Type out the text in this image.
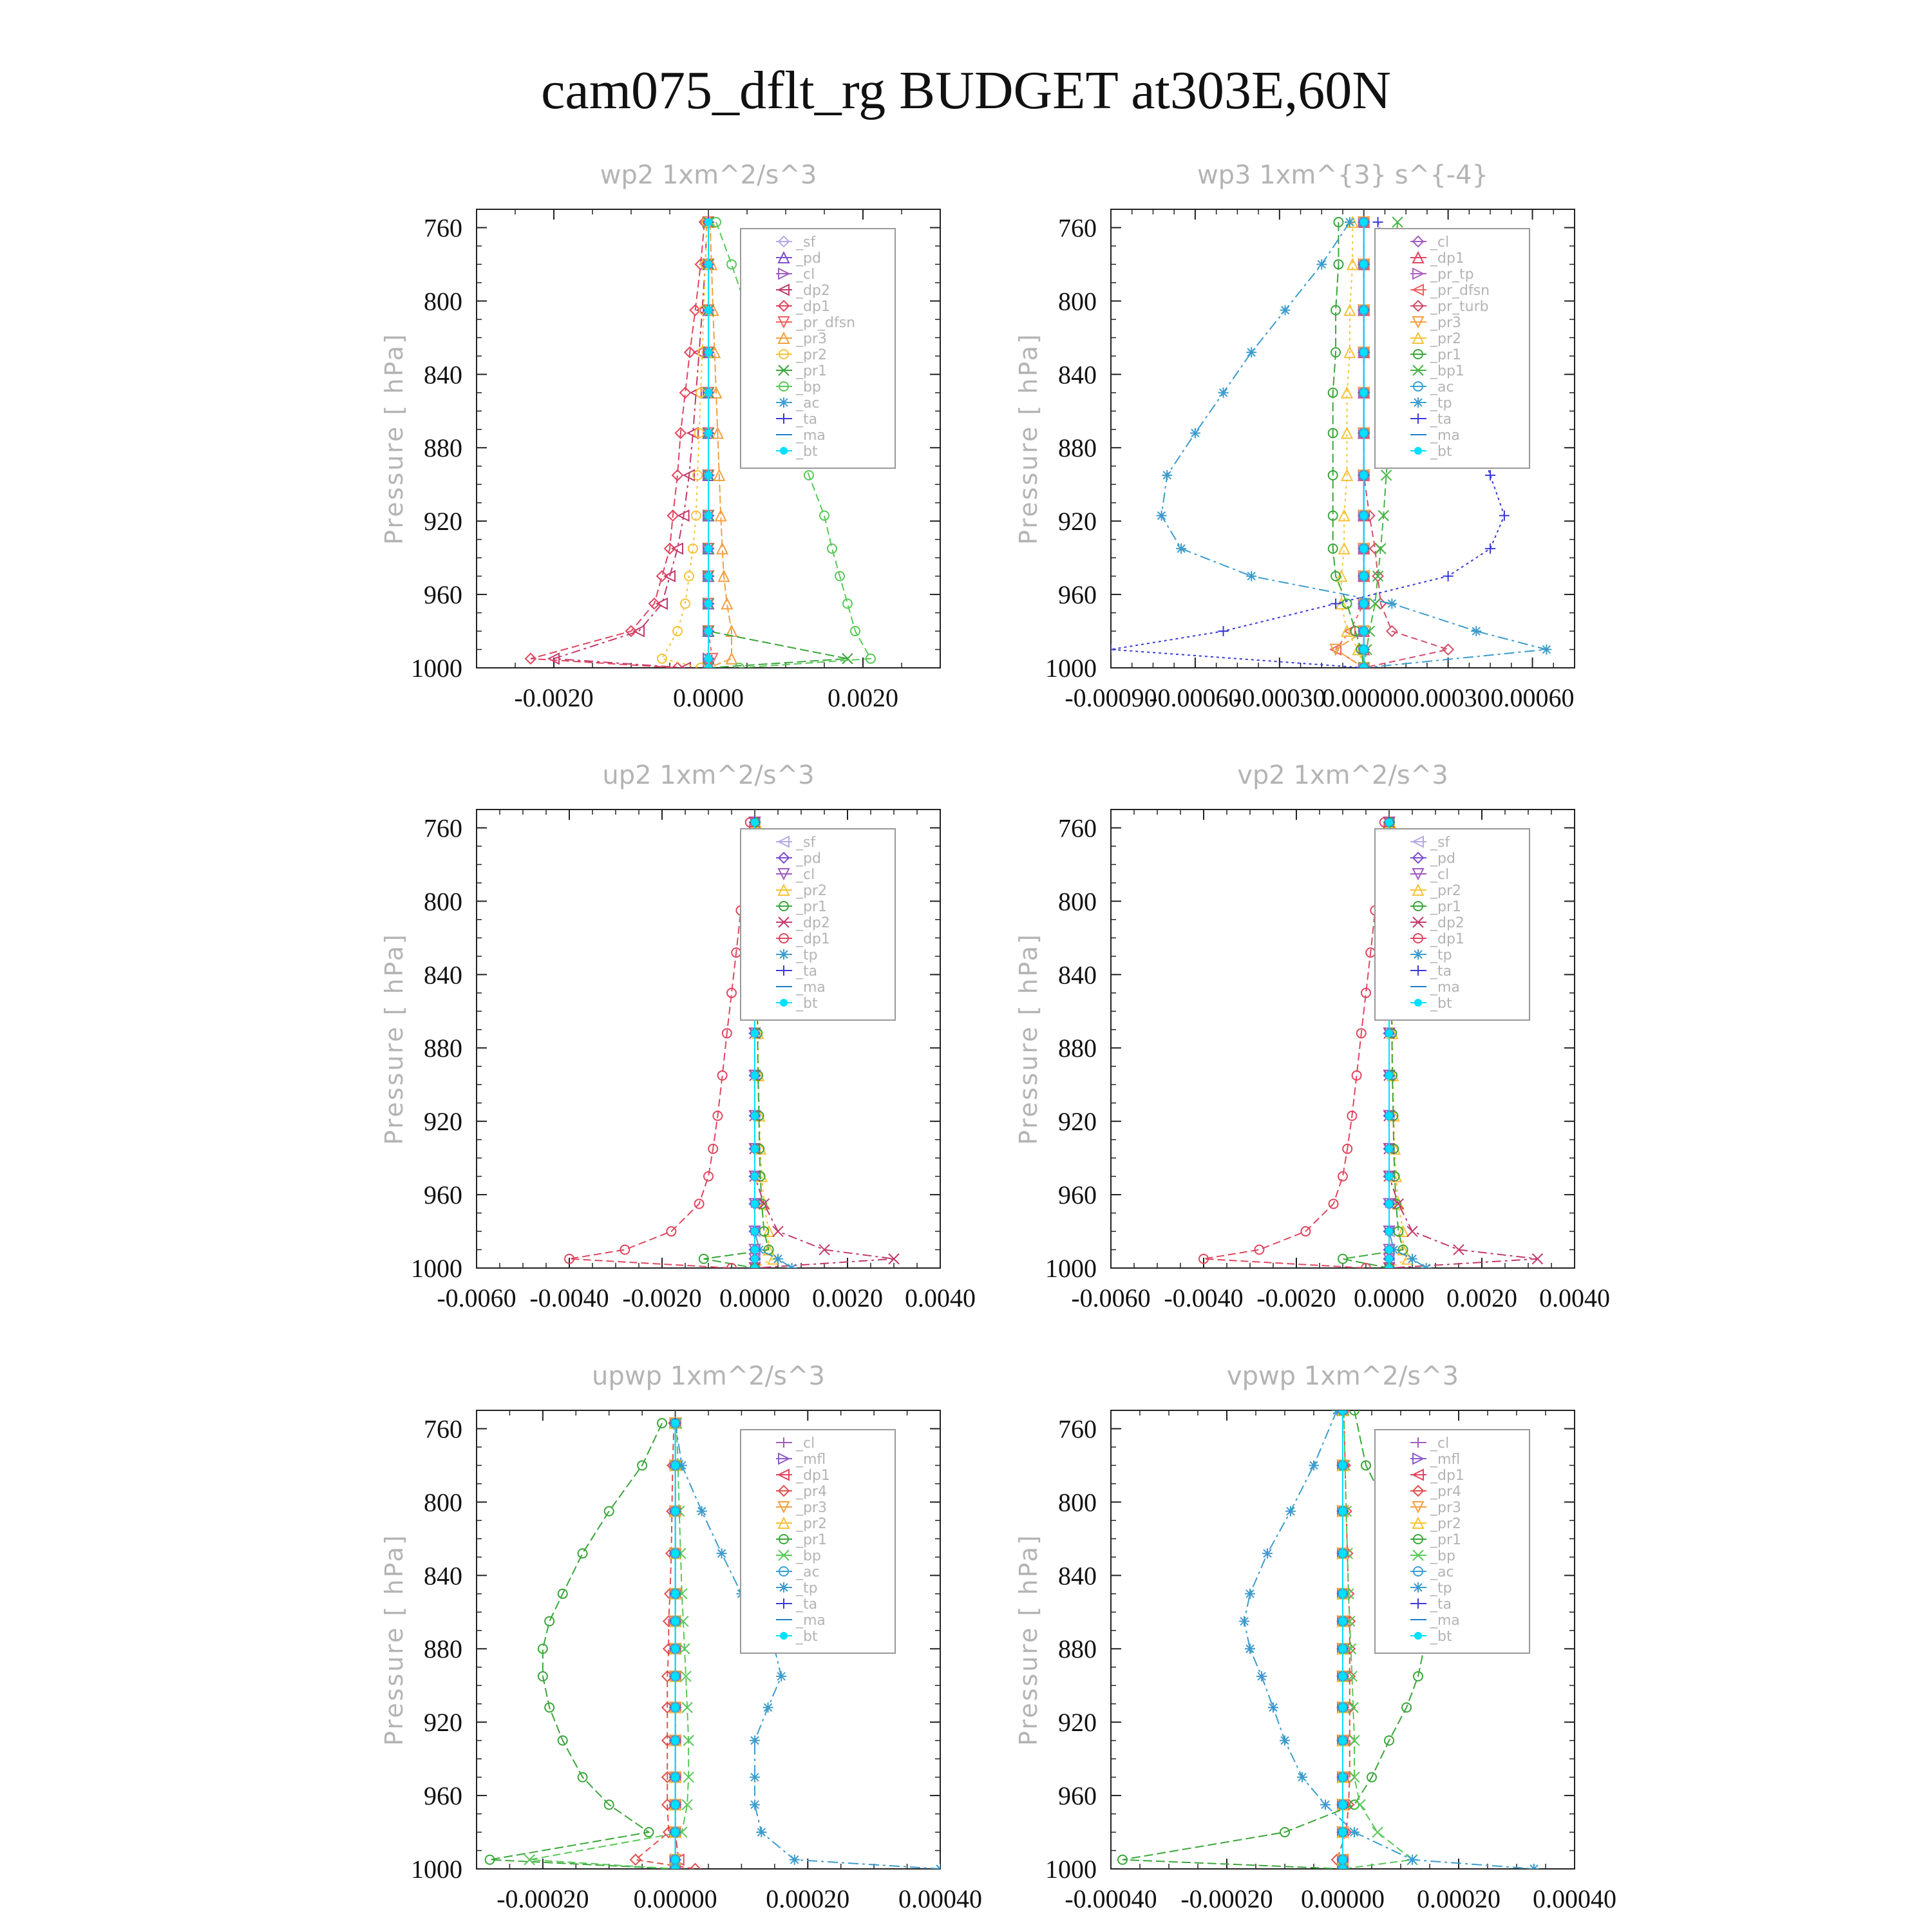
cam075_dflt_rg BUDGET at303E,60N
wp2 1xm^2/s^3
Pressure [ hPa]
760
800
840
880
920
960
1000
-0.0020	0.0000	0.0020
_sf
_pd
_cl
_dp2
_dp1
_pr_dfsn
_pr3
_pr2
_pr1
_bp
_ac
_ta
_ma
_bt
wp3 1xm^{3} s^{-4}
Pressure [ hPa]
760
800
840
880
920
960
1000
-0.00090
-0.00060
-0.00030
0.00000 0.00030 0.00060
_cl
_dp1
_pr_tp
_pr_dfsn
_pr_turb
_pr3
_pr2
_pr1
_bp1
_ac
_tp
_ta
_ma
_bt
up2 1xm^2/s^3
Pressure [ hPa]
760
800
840
880
920
960
1000
-0.0060 -0.0040 -0.0020 0.0000 0.0020 0.0040
_sf
_pd
_cl
_pr2
_pr1
_dp2
_dp1
_tp
_ta
_ma
_bt
vp2 1xm^2/s^3
Pressure [ hPa]
760
800
840
880
920
960
1000
-0.0060 -0.0040 -0.0020 0.0000 0.0020 0.0040
_sf
_pd
_cl
_pr2
_pr1
_dp2
_dp1
_tp
_ta
_ma
_bt
upwp 1xm^2/s^3
Pressure [ hPa]
760
800
840
880
920
960
1000
-0.00020 0.00000 0.00020 0.00040
_cl
_mfl
_dp1
_pr4
_pr3
_pr2
_pr1
_bp
_ac
_tp
_ta
_ma
_bt
vpwp 1xm^2/s^3
Pressure [ hPa]
760
800
840
880
920
960
1000
-0.00040 -0.00020 0.00000 0.00020 0.00040
_cl
_mfl
_dp1
_pr4
_pr3
_pr2
_pr1
_bp
_ac
_tp
_ta
_ma
_bt
